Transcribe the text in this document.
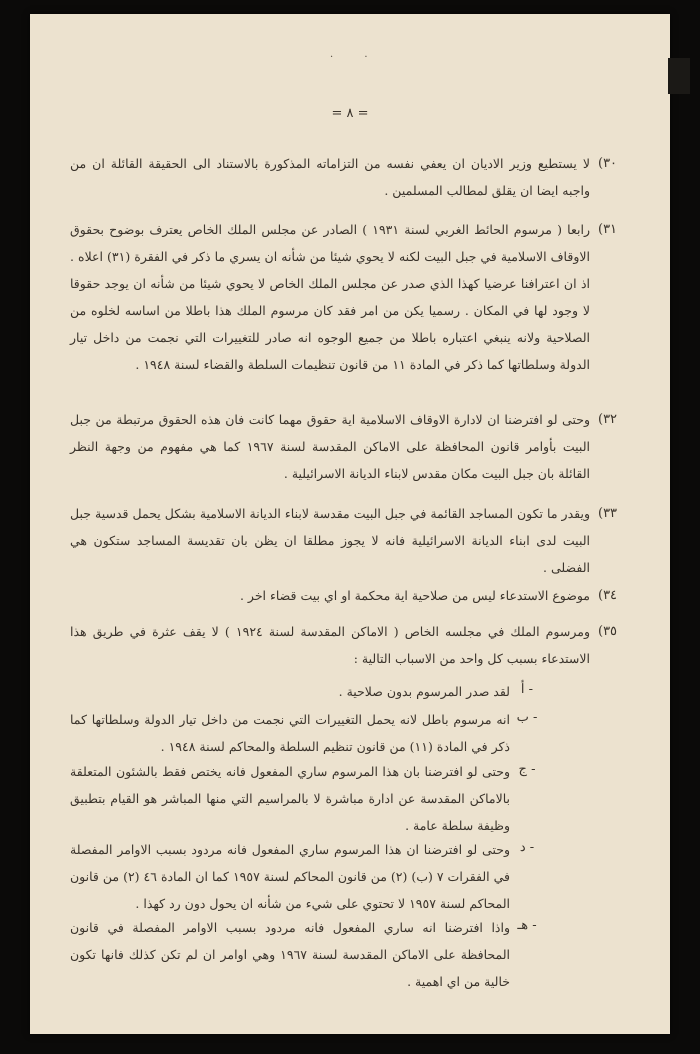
· ·
= ٨ =
٣٠)
لا يستطيع وزير الاديان ان يعفي نفسه من التزاماته المذكورة بالاستناد الى الحقيقة القائلة ان من واجبه ايضا ان يقلق لمطالب المسلمين .
٣١)
رابعا ( مرسوم الحائط الغربي لسنة ١٩٣١ ) الصادر عن مجلس الملك الخاص يعترف بوضوح بحقوق الاوقاف الاسلامية في جبل البيت لكنه لا يحوي شيئا من شأنه ان يسري ما ذكر في الفقرة (٣١) اعلاه . اذ ان اعترافنا عرضيا كهذا الذي صدر عن مجلس الملك الخاص لا يحوي شيئا من شأنه ان يوجد حقوقا لا وجود لها في المكان . رسميا يكن من امر فقد كان مرسوم الملك هذا باطلا من اساسه لخلوه من الصلاحية ولانه ينبغي اعتباره باطلا من جميع الوجوه انه صادر للتغييرات التي نجمت من داخل تيار الدولة وسلطاتها كما ذكر في المادة ١١ من قانون تنظيمات السلطة والقضاء لسنة ١٩٤٨ .
٣٢)
وحتى لو افترضنا ان لادارة الاوقاف الاسلامية اية حقوق مهما كانت فان هذه الحقوق مرتبطة من جبل البيت بأوامر قانون المحافظة على الاماكن المقدسة لسنة ١٩٦٧ كما هي مفهوم من وجهة النظر القائلة بان جبل البيت مكان مقدس لابناء الديانة الاسرائيلية .
٣٣)
ويقدر ما تكون المساجد القائمة في جبل البيت مقدسة لابناء الديانة الاسلامية بشكل يحمل قدسية جبل البيت لدى ابناء الديانة الاسرائيلية فانه لا يجوز مطلقا ان يظن بان تقديسة المساجد ستكون هي الفضلى .
٣٤)
موضوع الاستدعاء ليس من صلاحية اية محكمة او اي بيت قضاء اخر .
٣٥)
ومرسوم الملك في مجلسه الخاص ( الاماكن المقدسة لسنة ١٩٢٤ ) لا يقف عثرة في طريق هذا الاستدعاء بسبب كل واحد من الاسباب التالية :
أ -
لقد صدر المرسوم بدون صلاحية .
ب -
انه مرسوم باطل لانه يحمل التغييرات التي نجمت من داخل تيار الدولة وسلطاتها كما ذكر في المادة (١١) من قانون تنظيم السلطة والمحاكم لسنة ١٩٤٨ .
ج -
وحتى لو افترضنا بان هذا المرسوم ساري المفعول فانه يختص فقط بالشئون المتعلقة بالاماكن المقدسة عن ادارة مباشرة لا بالمراسيم التي منها المباشر هو القيام بتطبيق وظيفة سلطة عامة .
د -
وحتى لو افترضنا ان هذا المرسوم ساري المفعول فانه مردود بسبب الاوامر المفصلة في الفقرات ٧ (ب) (٢) من قانون المحاكم لسنة ١٩٥٧ كما ان المادة ٤٦ (٢) من قانون المحاكم لسنة ١٩٥٧ لا تحتوي على شيء من شأنه ان يحول دون رد كهذا .
هـ -
واذا افترضنا انه ساري المفعول فانه مردود بسبب الاوامر المفصلة في قانون المحافظة على الاماكن المقدسة لسنة ١٩٦٧ وهي اوامر ان لم تكن كذلك فانها تكون خالية من اي اهمية .
